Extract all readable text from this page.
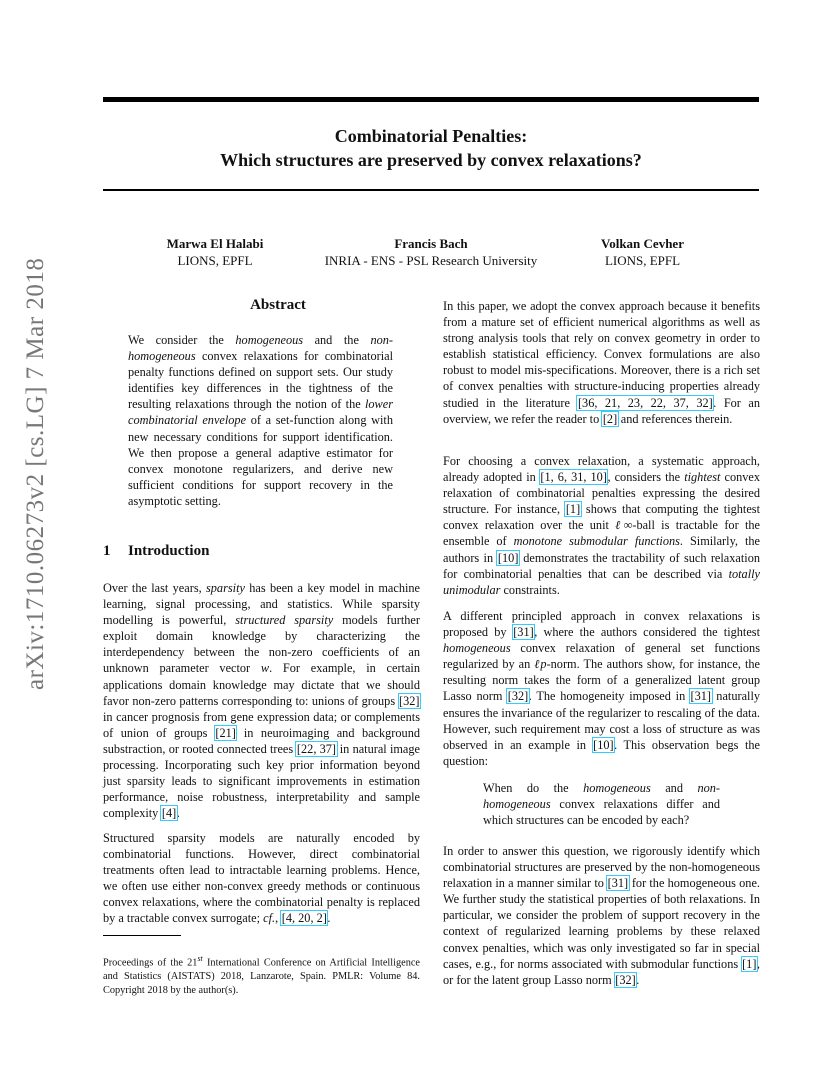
Combinatorial Penalties:
Which structures are preserved by convex relaxations?
Marwa El Halabi
LIONS, EPFL
Francis Bach
INRIA - ENS - PSL Research University
Volkan Cevher
LIONS, EPFL
arXiv:1710.06273v2 [cs.LG] 7 Mar 2018	Abstract

We consider the homogeneous and the non-homogeneous convex relaxations for combinatorial penalty functions defined on support sets. Our study identifies key differences in the tightness of the resulting relaxations through the notion of the lower combinatorial envelope of a set-function along with new necessary conditions for support identification. We then propose a general adaptive estimator for convex monotone regularizers, and derive new sufficient conditions for support recovery in the asymptotic setting.

1 Introduction

Over the last years, sparsity has been a key model in machine learning, signal processing, and statistics. While sparsity modelling is powerful, structured sparsity models further exploit domain knowledge by characterizing the interdependency between the non-zero coefficients of an unknown parameter vector w. For example, in certain applications domain knowledge may dictate that we should favor non-zero patterns corresponding to: unions of groups [32] in cancer prognosis from gene expression data; or complements of union of groups [21] in neuroimaging and background substraction, or rooted connected trees [22, 37] in natural image processing. Incorporating such key prior information beyond just sparsity leads to significant improvements in estimation performance, noise robustness, interpretability and sample complexity [4].

Structured sparsity models are naturally encoded by combinatorial functions. However, direct combinatorial treatments often lead to intractable learning problems. Hence, we often use either non-convex greedy methods or continuous convex relaxations, where the combinatorial penalty is replaced by a tractable convex surrogate; cf., [4, 20, 2].

Proceedings of the 21st International Conference on Artificial Intelligence and Statistics (AISTATS) 2018, Lanzarote, Spain. PMLR: Volume 84. Copyright 2018 by the author(s).

In this paper, we adopt the convex approach because it benefits from a mature set of efficient numerical algorithms as well as strong analysis tools that rely on convex geometry in order to establish statistical efficiency. Convex formulations are also robust to model mis-specifications. Moreover, there is a rich set of convex penalties with structure-inducing properties already studied in the literature [36, 21, 23, 22, 37, 32]. For an overview, we refer the reader to [2] and references therein.

For choosing a convex relaxation, a systematic approach, already adopted in [1, 6, 31, 10], considers the tightest convex relaxation of combinatorial penalties expressing the desired structure. For instance, [1] shows that computing the tightest convex relaxation over the unit ℓ∞-ball is tractable for the ensemble of monotone submodular functions. Similarly, the authors in [10] demonstrates the tractability of such relaxation for combinatorial penalties that can be described via totally unimodular constraints.

A different principled approach in convex relaxations is proposed by [31], where the authors considered the tightest homogeneous convex relaxation of general set functions regularized by an ℓp-norm. The authors show, for instance, the resulting norm takes the form of a generalized latent group Lasso norm [32]. The homogeneity imposed in [31] naturally ensures the invariance of the regularizer to rescaling of the data. However, such requirement may cost a loss of structure as was observed in an example in [10]. This observation begs the question:

When do the homogeneous and non-homogeneous convex relaxations differ and which structures can be encoded by each?

In order to answer this question, we rigorously identify which combinatorial structures are preserved by the non-homogeneous relaxation in a manner similar to [31] for the homogeneous one. We further study the statistical properties of both relaxations. In particular, we consider the problem of support recovery in the context of regularized learning problems by these relaxed convex penalties, which was only investigated so far in special cases, e.g., for norms associated with submodular functions [1], or for the latent group Lasso norm [32].
